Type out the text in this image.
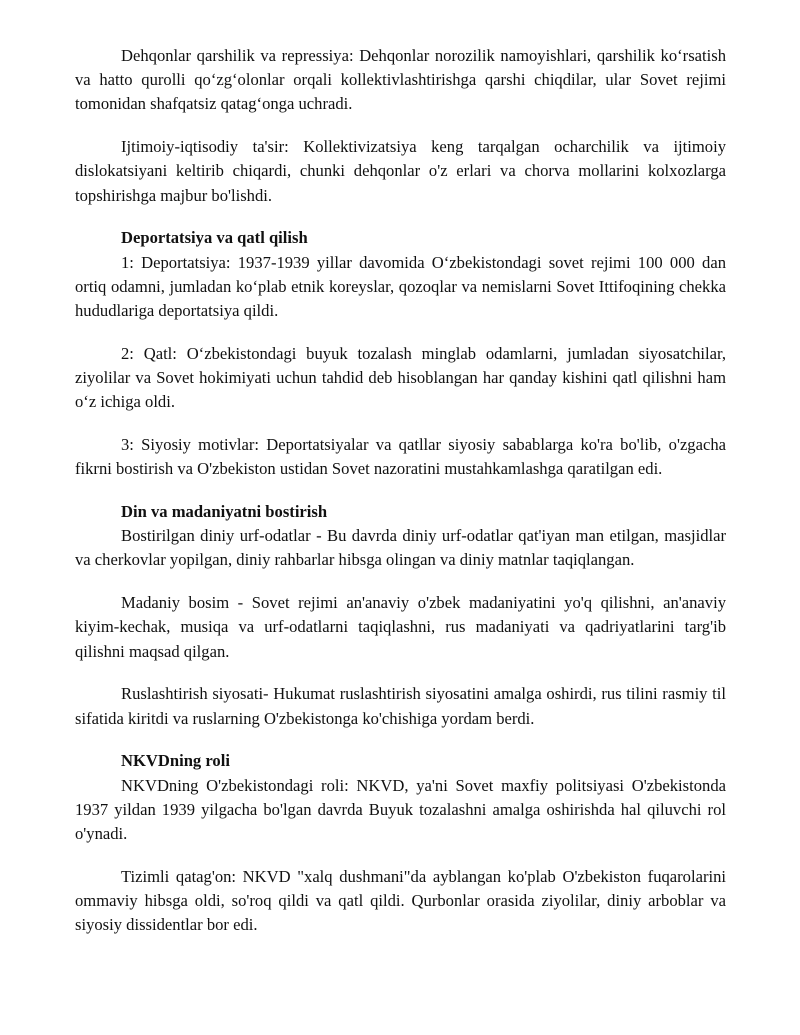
Dehqonlar qarshilik va repressiya: Dehqonlar norozilik namoyishlari, qarshilik ko‘rsatish va hatto qurolli qo‘zg‘olonlar orqali kollektivlashtirishga qarshi chiqdilar, ular Sovet rejimi tomonidan shafqatsiz qatag‘onga uchradi.

Ijtimoiy-iqtisodiy ta'sir: Kollektivizatsiya keng tarqalgan ocharchilik va ijtimoiy dislokatsiyani keltirib chiqardi, chunki dehqonlar o'z erlari va chorva mollarini kolxozlarga topshirishga majbur bo'lishdi.

Deportatsiya va qatl qilish

1: Deportatsiya: 1937-1939 yillar davomida O‘zbekistondagi sovet rejimi 100 000 dan ortiq odamni, jumladan ko‘plab etnik koreyslar, qozoqlar va nemislarni Sovet Ittifoqining chekka hududlariga deportatsiya qildi.

2: Qatl: O‘zbekistondagi buyuk tozalash minglab odamlarni, jumladan siyosatchilar, ziyolilar va Sovet hokimiyati uchun tahdid deb hisoblangan har qanday kishini qatl qilishni ham o‘z ichiga oldi.

3: Siyosiy motivlar: Deportatsiyalar va qatllar siyosiy sabablarga ko'ra bo'lib, o'zgacha fikrni bostirish va O'zbekiston ustidan Sovet nazoratini mustahkamlashga qaratilgan edi.

Din va madaniyatni bostirish

Bostirilgan diniy urf-odatlar - Bu davrda diniy urf-odatlar qat'iyan man etilgan, masjidlar va cherkovlar yopilgan, diniy rahbarlar hibsga olingan va diniy matnlar taqiqlangan.

Madaniy bosim - Sovet rejimi an'anaviy o'zbek madaniyatini yo'q qilishni, an'anaviy kiyim-kechak, musiqa va urf-odatlarni taqiqlashni, rus madaniyati va qadriyatlarini targ'ib qilishni maqsad qilgan.

Ruslashtirish siyosati- Hukumat ruslashtirish siyosatini amalga oshirdi, rus tilini rasmiy til sifatida kiritdi va ruslarning O'zbekistonga ko'chishiga yordam berdi.

NKVDning roli

NKVDning O'zbekistondagi roli: NKVD, ya'ni Sovet maxfiy politsiyasi O'zbekistonda 1937 yildan 1939 yilgacha bo'lgan davrda Buyuk tozalashni amalga oshirishda hal qiluvchi rol o'ynadi.

Tizimli qatag'on: NKVD "xalq dushmani"da ayblangan ko'plab O'zbekiston fuqarolarini ommaviy hibsga oldi, so'roq qildi va qatl qildi. Qurbonlar orasida ziyolilar, diniy arboblar va siyosiy dissidentlar bor edi.
